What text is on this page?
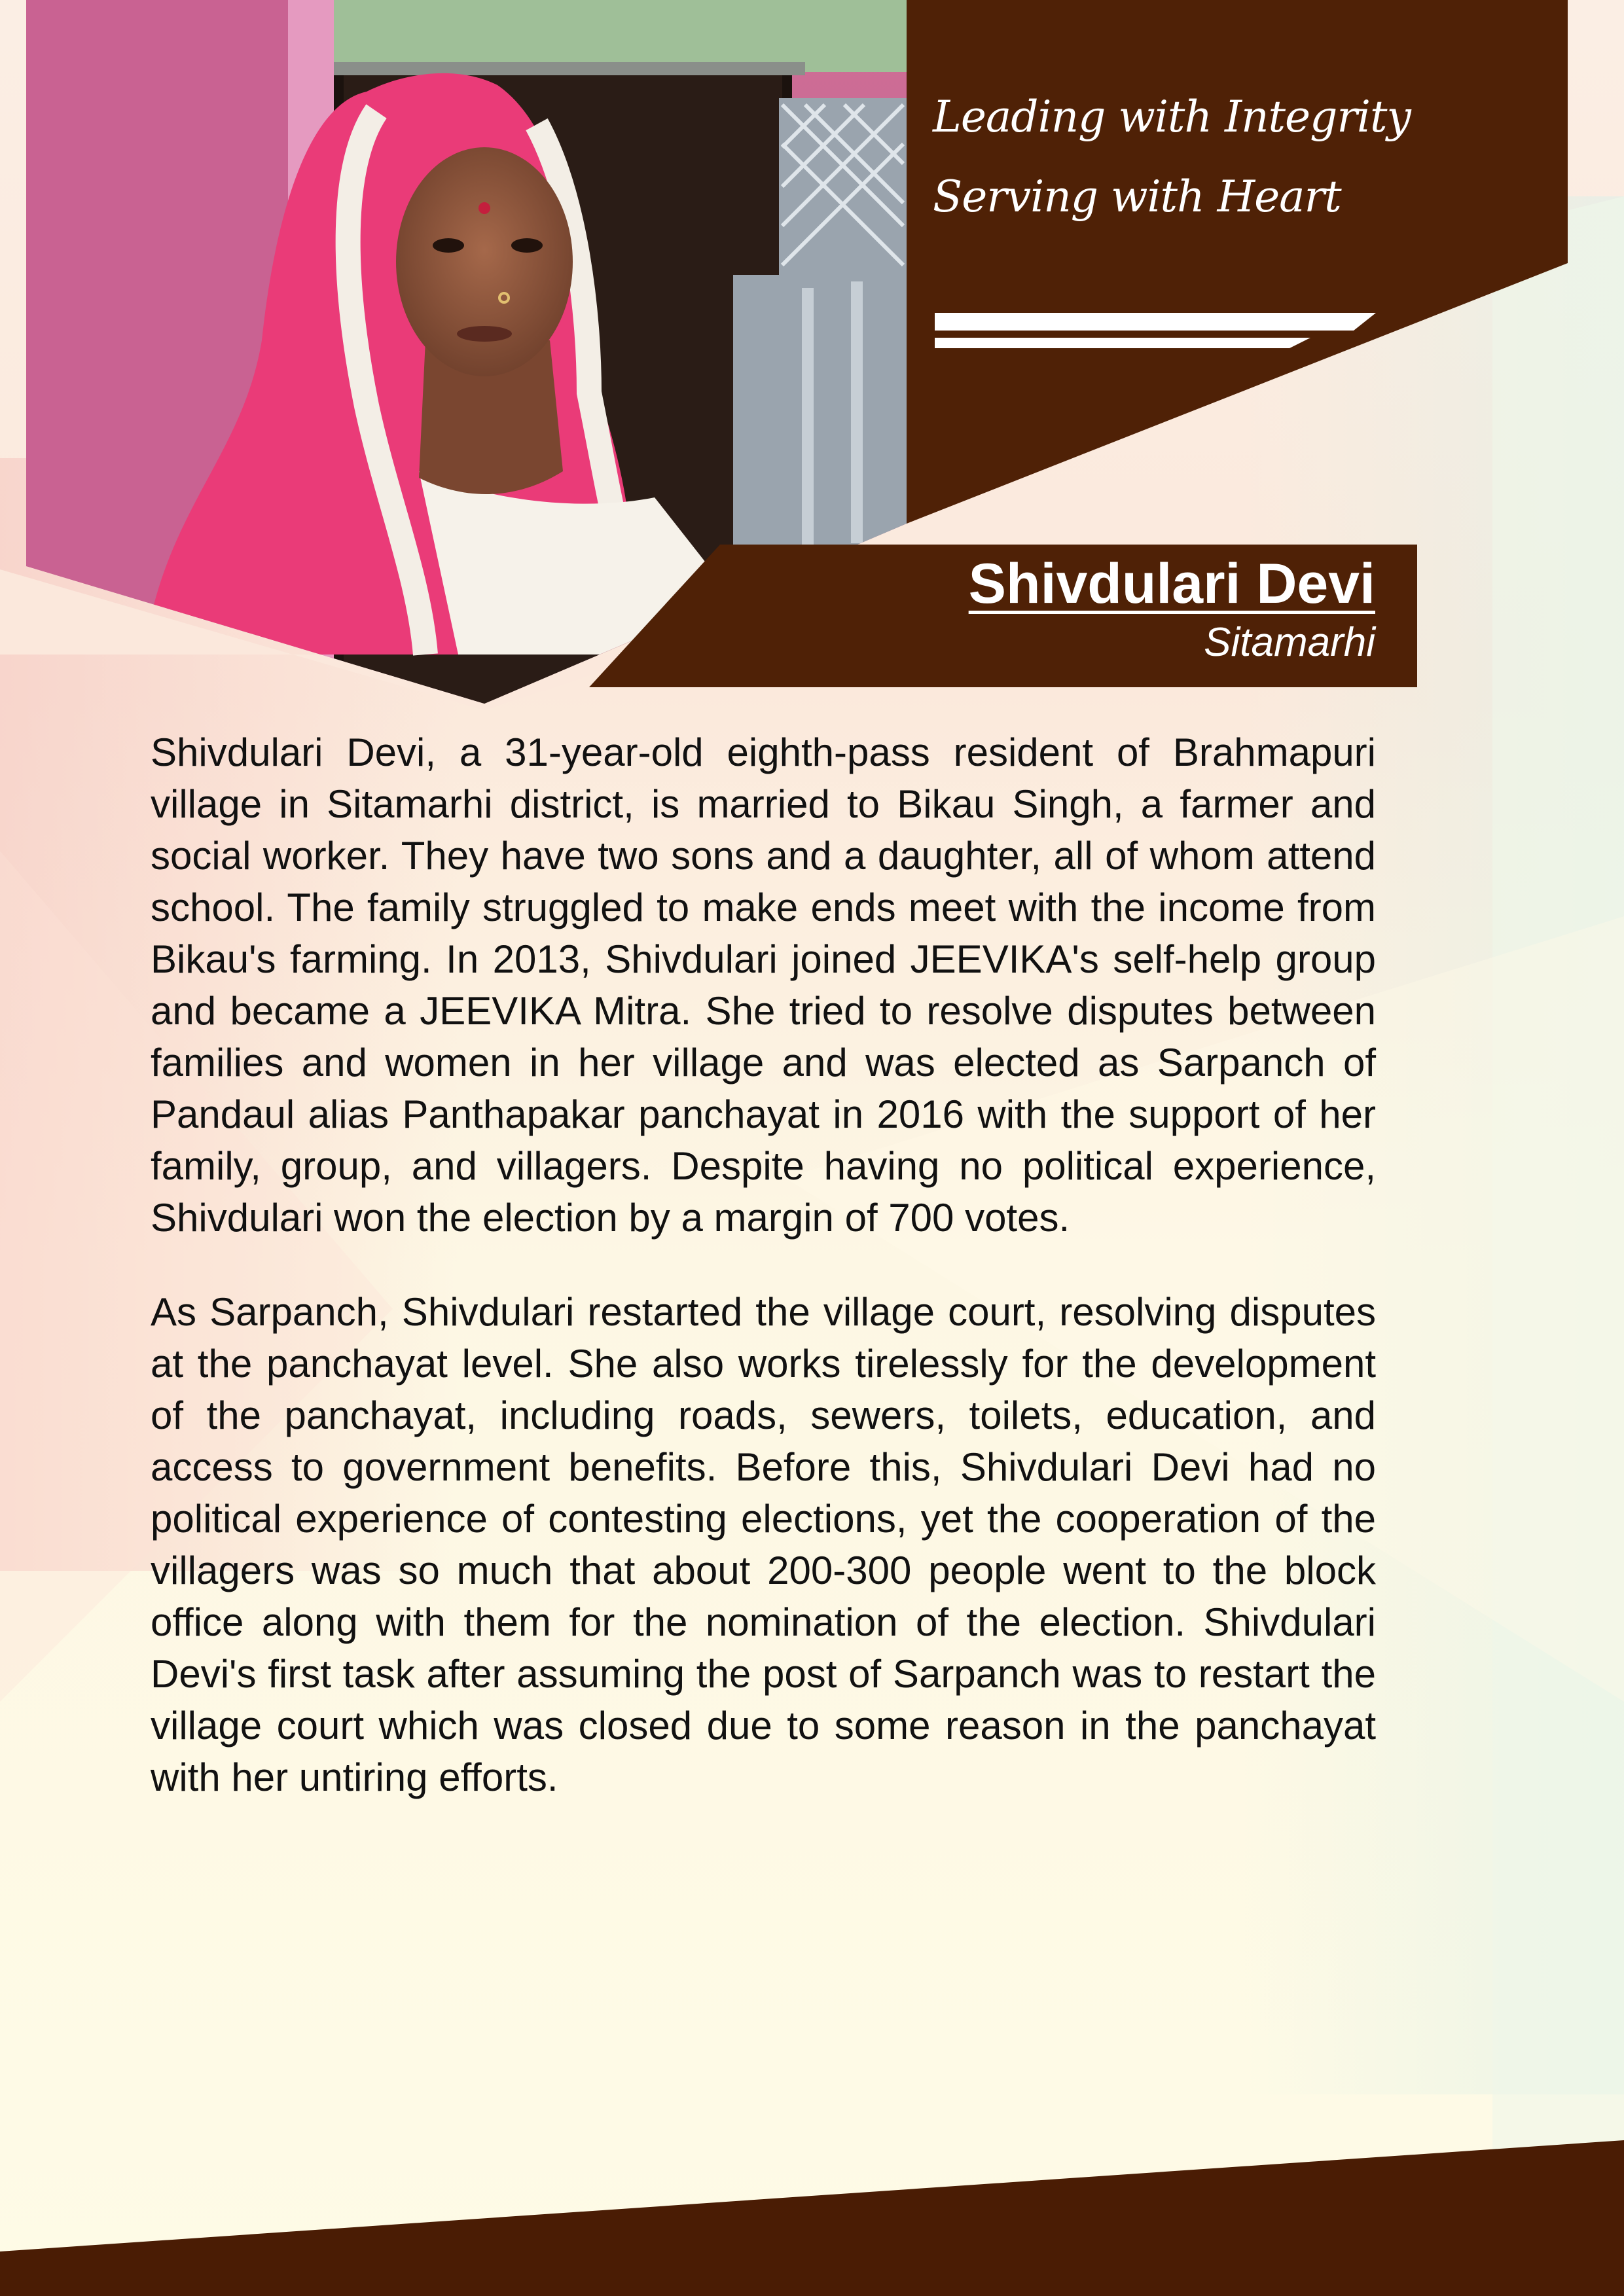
Leading with Integrity Serving with Heart
Shivdulari Devi
Sitamarhi

Shivdulari Devi, a 31-year-old eighth-pass resident of Brahmapuri village in Sitamarhi district, is married to Bikau Singh, a farmer and social worker. They have two sons and a daughter, all of whom attend school. The family struggled to make ends meet with the income from Bikau's farming. In 2013, Shivdulari joined JEEVIKA's self-help group and became a JEEVIKA Mitra. She tried to resolve disputes between families and women in her village and was elected as Sarpanch of Pandaul alias Panthapakar panchayat in 2016 with the support of her family, group, and villagers. Despite having no political experience, Shivdulari won the election by a margin of 700 votes.

As Sarpanch, Shivdulari restarted the village court, resolving disputes at the panchayat level. She also works tirelessly for the development of the panchayat, including roads, sewers, toilets, education, and access to government benefits. Before this, Shivdulari Devi had no political experience of contesting elections, yet the cooperation of the villagers was so much that about 200-300 people went to the block office along with them for the nomination of the election. Shivdulari Devi's first task after assuming the post of Sarpanch was to restart the village court which was closed due to some reason in the panchayat with her untiring efforts.
